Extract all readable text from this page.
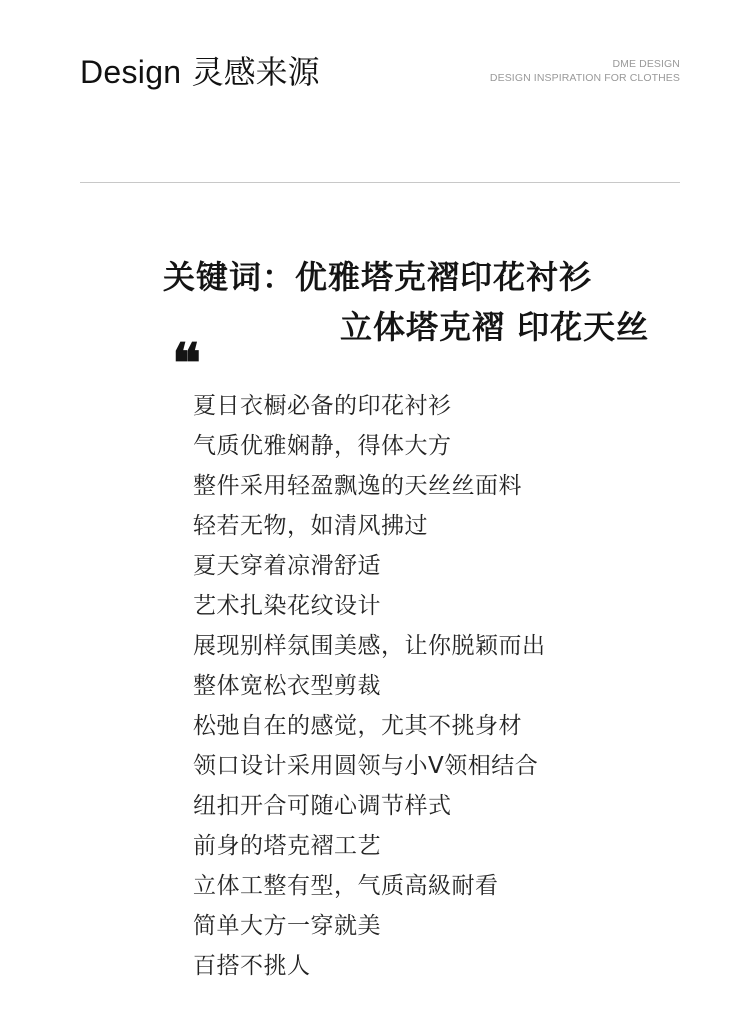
Design 灵感来源	DME DESIGN
DESIGN INSPIRATION FOR CLOTHES
关键词：优雅塔克褶印花衬衫
立体塔克褶 印花天丝
❝
夏日衣橱必备的印花衬衫
气质优雅娴静，得体大方
整件采用轻盈飘逸的天丝丝面料
轻若无物，如清风拂过
夏天穿着凉滑舒适
艺术扎染花纹设计
展现别样氛围美感，让你脱颖而出
整体宽松衣型剪裁
松弛自在的感觉，尤其不挑身材
领口设计采用圆领与小V领相结合
纽扣开合可随心调节样式
前身的塔克褶工艺
立体工整有型，气质高級耐看
简单大方一穿就美
百搭不挑人
